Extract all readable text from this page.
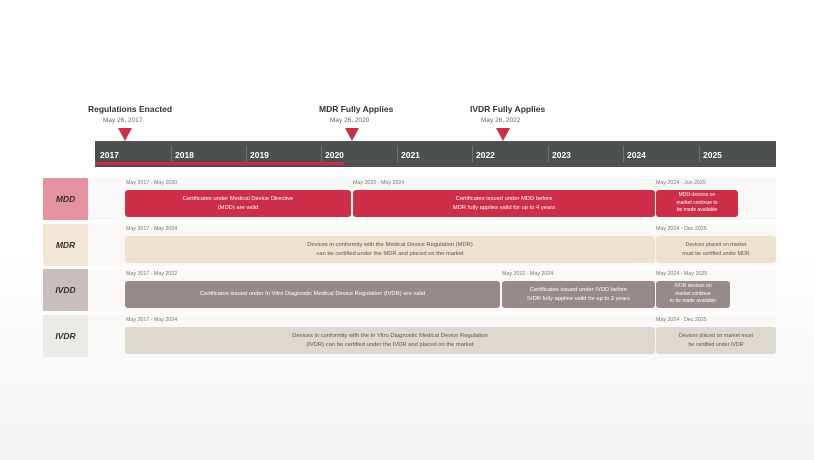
Regulations Enacted
May 26, 2017
MDR Fully Applies
May 26, 2020
IVDR Fully Applies
May 26, 2022
2017	2018	2019	2020	2021	2022	2023	2024	2025
MDD
May 2017 - May 2020
Certificates under Medical Device Directive
(MDD) are valid
May 2020 - May 2024
Certificates issued under MDD before
MDR fully applies valid for up to 4 years
May 2024 - Jun 2025
MDD devices on
market continue to
be made available
MDR
May 2017 - May 2024
Devices in conformity with the Medical Device Regulation (MDR)
can be certified under the MDR and placed on the market
May 2024 - Dec 2025
Devices placed on market
must be certified under MDR
IVDD
May 2017 - May 2022
Certificates issued under In Vitro Diagnostic Medical Device Regulation (IVDR) are valid
May 2022 - May 2024
Certificates issued under IVDD before
IVDR fully applies valid for up to 2 years
May 2024 - May 2025
IVDR devices on
market continue
to be made available
IVDR
May 2017 - May 2024
Devices in conformity with the In Vitro Diagnostic Medical Device Regulation
(IVDR) can be certified under the IVDR and placed on the market
May 2024 - Dec 2025
Devices placed on market must
be certified under IVDR
